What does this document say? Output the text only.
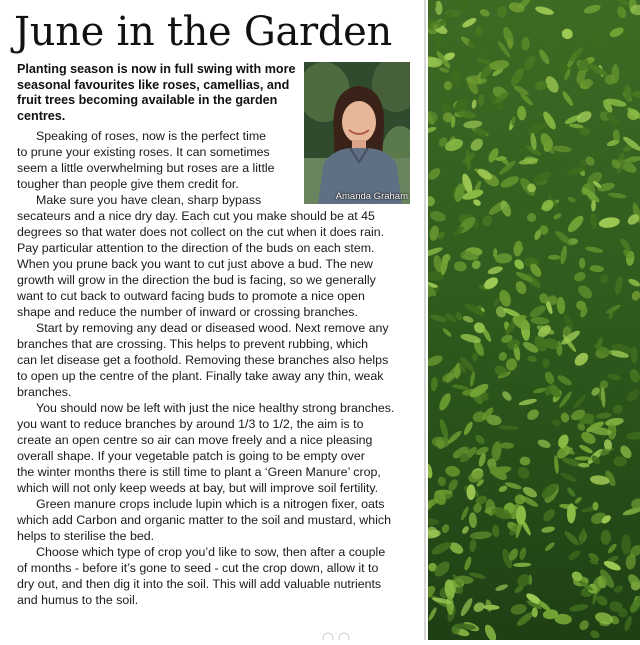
June in the Garden

Planting season is now in full swing with more seasonal favourites like roses, camellias, and fruit trees becoming available in the garden centres.

Amanda Graham

Speaking of roses, now is the perfect time

to prune your existing roses. It can sometimes

seem a little overwhelming but roses are a little

tougher than people give them credit for.

Make sure you have clean, sharp bypass

secateurs and a nice dry day. Each cut you make should be at 45

degrees so that water does not collect on the cut when it does rain.

Pay particular attention to the direction of the buds on each stem.

When you prune back you want to cut just above a bud. The new

growth will grow in the direction the bud is facing, so we generally

want to cut back to outward facing buds to promote a nice open

shape and reduce the number of inward or crossing branches.

Start by removing any dead or diseased wood. Next remove any

branches that are crossing. This helps to prevent rubbing, which

can let disease get a foothold. Removing these branches also helps

to open up the centre of the plant. Finally take away any thin, weak

branches.

You should now be left with just the nice healthy strong branches.

you want to reduce branches by around 1/3 to 1/2, the aim is to

create an open centre so air can move freely and a nice pleasing

overall shape. If your vegetable patch is going to be empty over

the winter months there is still time to plant a ‘Green Manure’ crop,

which will not only keep weeds at bay, but will improve soil fertility.

Green manure crops include lupin which is a nitrogen fixer, oats

which add Carbon and organic matter to the soil and mustard, which

helps to sterilise the bed.

Choose which type of crop you’d like to sow, then after a couple

of months - before it’s gone to seed - cut the crop down, allow it to

dry out, and then dig it into the soil. This will add valuable nutrients

and humus to the soil.
